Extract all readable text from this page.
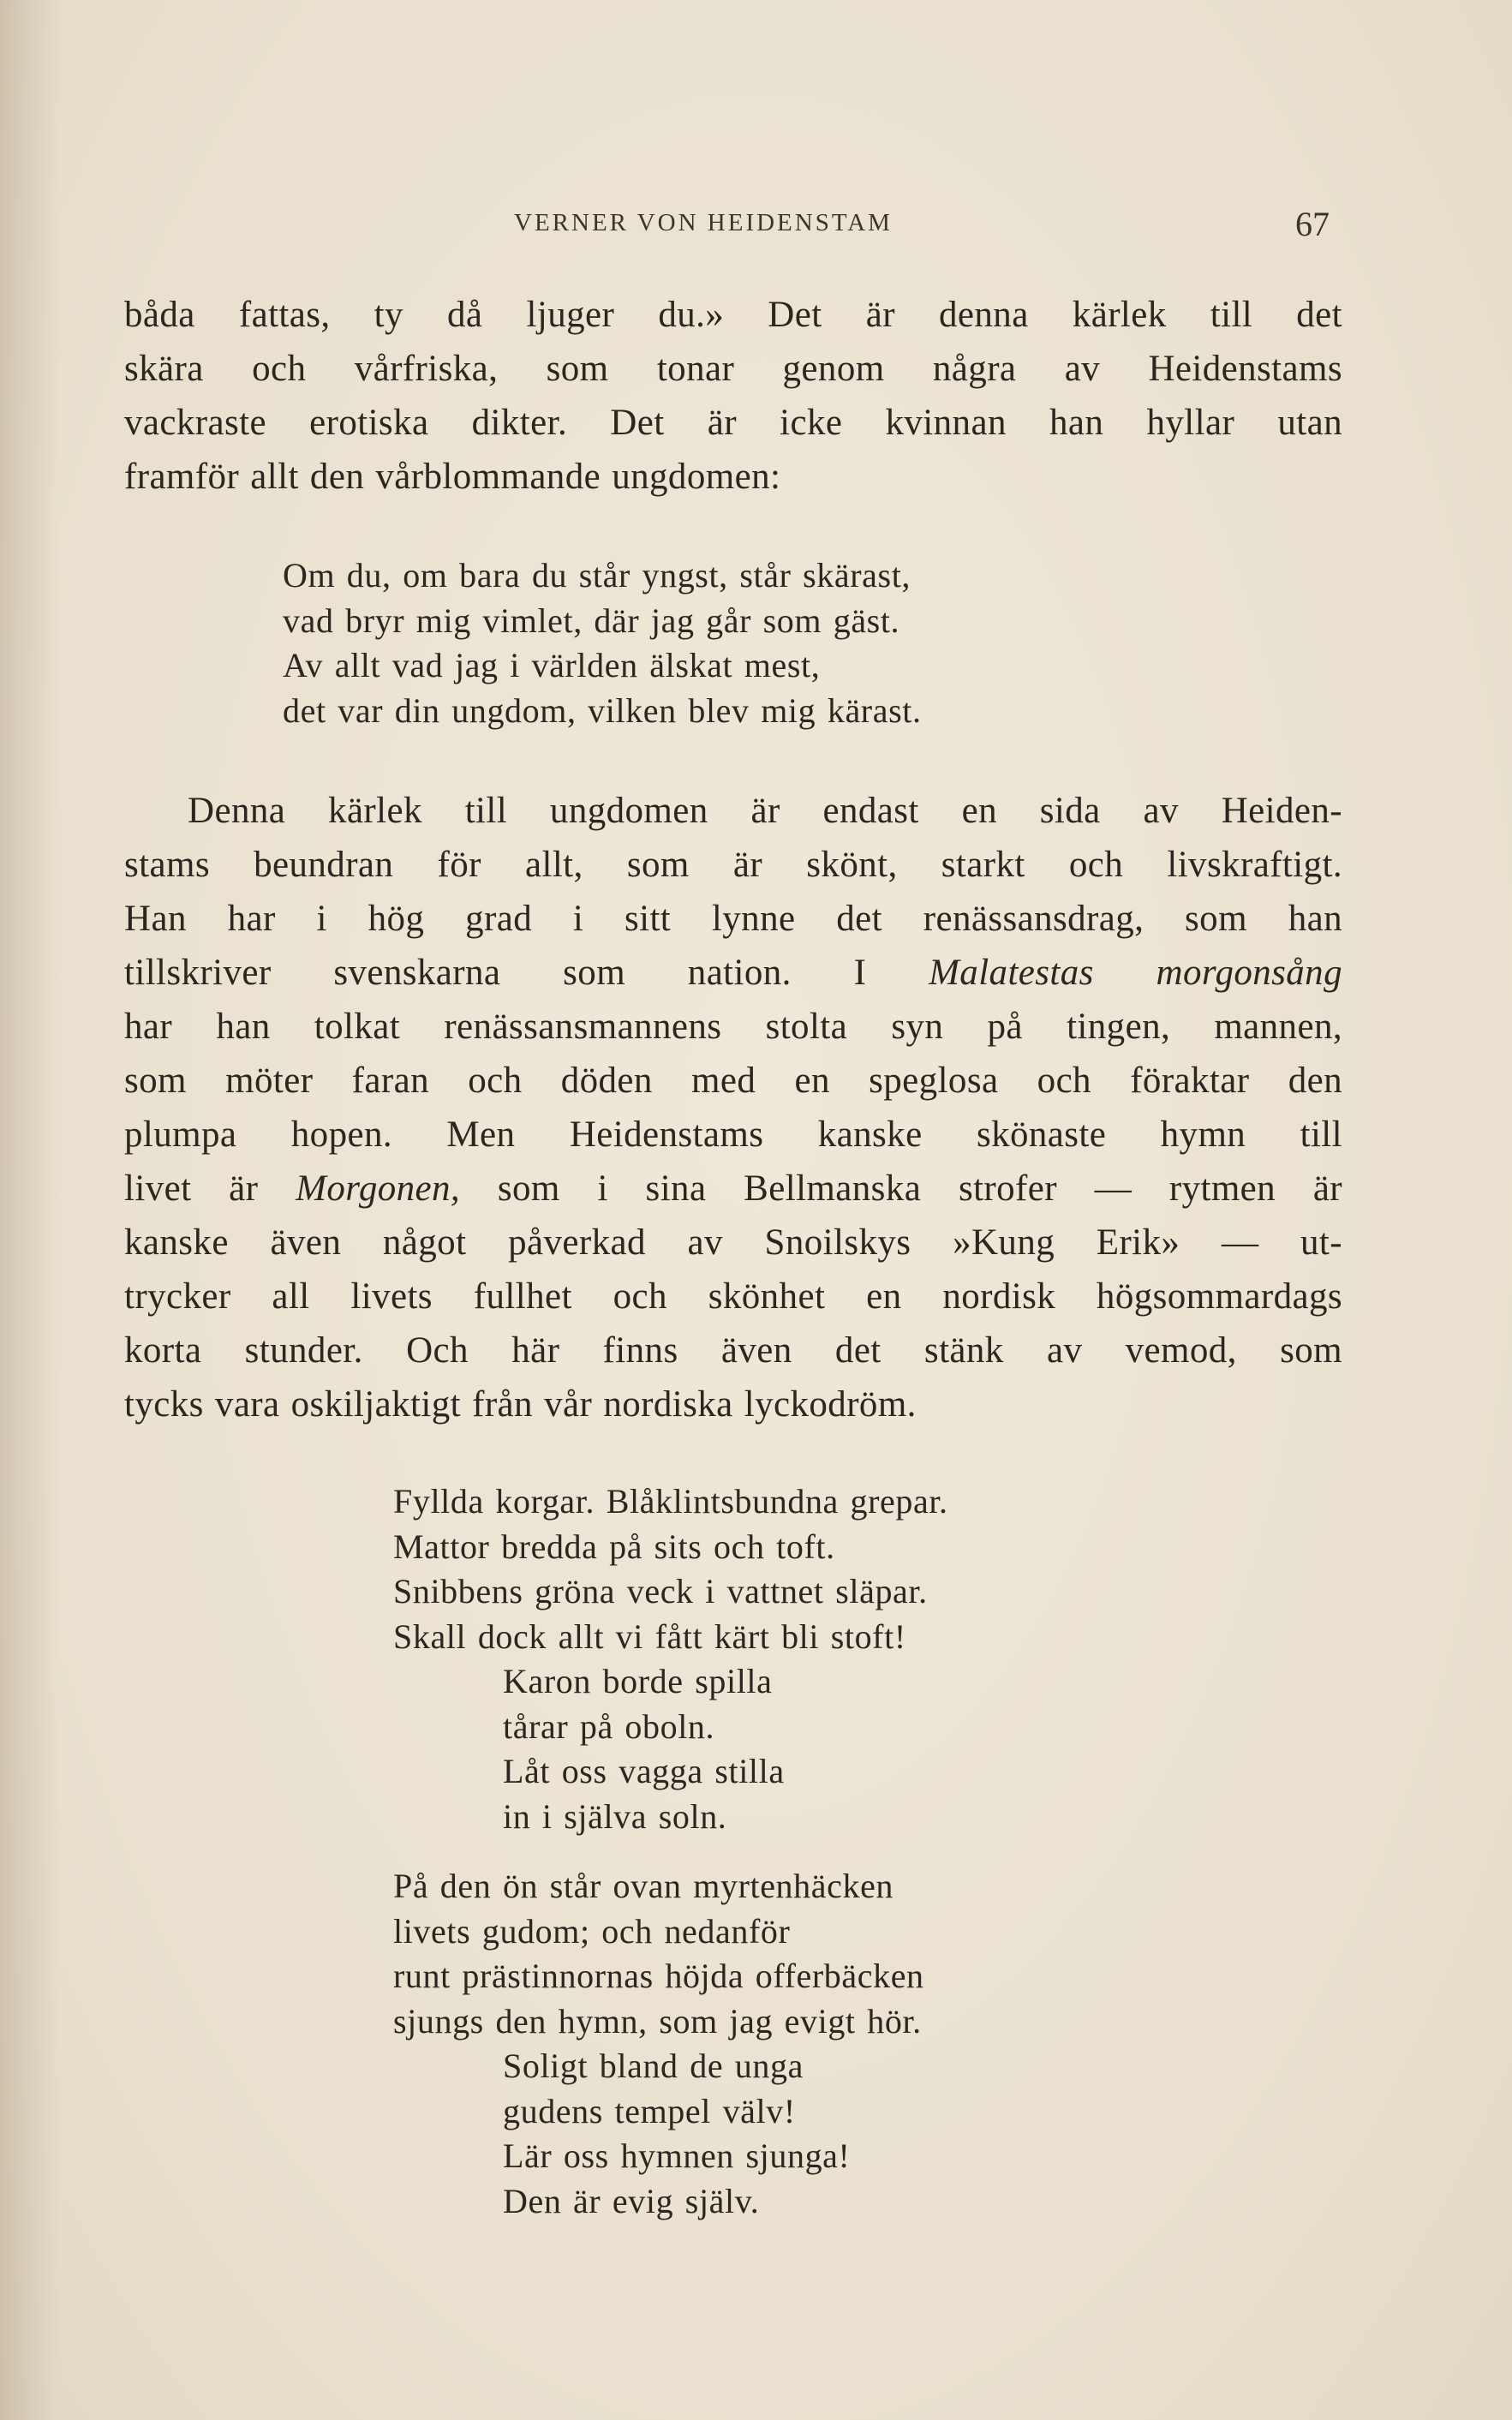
VERNER VON HEIDENSTAM	67
båda fattas, ty då ljuger du.» Det är denna kärlek till det
skära och vårfriska, som tonar genom några av Heidenstams
vackraste erotiska dikter. Det är icke kvinnan han hyllar utan
framför allt den vårblommande ungdomen:
Om du, om bara du står yngst, står skärast,
vad bryr mig vimlet, där jag går som gäst.
Av allt vad jag i världen älskat mest,
det var din ungdom, vilken blev mig kärast.
Denna kärlek till ungdomen är endast en sida av Heiden-
stams beundran för allt, som är skönt, starkt och livskraftigt.
Han har i hög grad i sitt lynne det renässansdrag, som han
tillskriver svenskarna som nation. I Malatestas morgonsång
har han tolkat renässansmannens stolta syn på tingen, mannen,
som möter faran och döden med en speglosa och föraktar den
plumpa hopen. Men Heidenstams kanske skönaste hymn till
livet är Morgonen, som i sina Bellmanska strofer — rytmen är
kanske även något påverkad av Snoilskys »Kung Erik» — ut-
trycker all livets fullhet och skönhet en nordisk högsommardags
korta stunder. Och här finns även det stänk av vemod, som
tycks vara oskiljaktigt från vår nordiska lyckodröm.
Fyllda korgar. Blåklintsbundna grepar.
Mattor bredda på sits och toft.
Snibbens gröna veck i vattnet släpar.
Skall dock allt vi fått kärt bli stoft!
Karon borde spilla
tårar på oboln.
Låt oss vagga stilla
in i själva soln.
På den ön står ovan myrtenhäcken
livets gudom; och nedanför
runt prästinnornas höjda offerbäcken
sjungs den hymn, som jag evigt hör.
Soligt bland de unga
gudens tempel välv!
Lär oss hymnen sjunga!
Den är evig själv.
